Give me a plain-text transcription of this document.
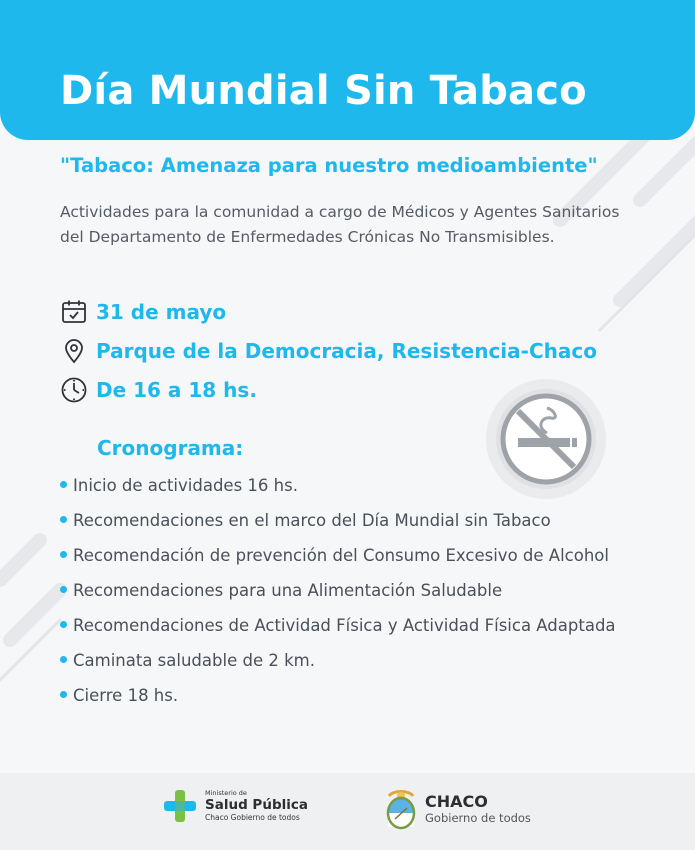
Día Mundial Sin Tabaco
"Tabaco: Amenaza para nuestro medioambiente"
Actividades para la comunidad a cargo de Médicos y Agentes Sanitarios del Departamento de Enfermedades Crónicas No Transmisibles.
31 de mayo
Parque de la Democracia, Resistencia-Chaco
De 16 a 18 hs.
Cronograma:
Inicio de actividades 16 hs.
Recomendaciones en el marco del Día Mundial sin Tabaco
Recomendación de prevención del Consumo Excesivo de Alcohol
Recomendaciones para una Alimentación Saludable
Recomendaciones de Actividad Física y Actividad Física Adaptada
Caminata saludable de 2 km.
Cierre 18 hs.
Ministerio de
Salud Pública
Chaco Gobierno de todos
CHACO
Gobierno de todos
